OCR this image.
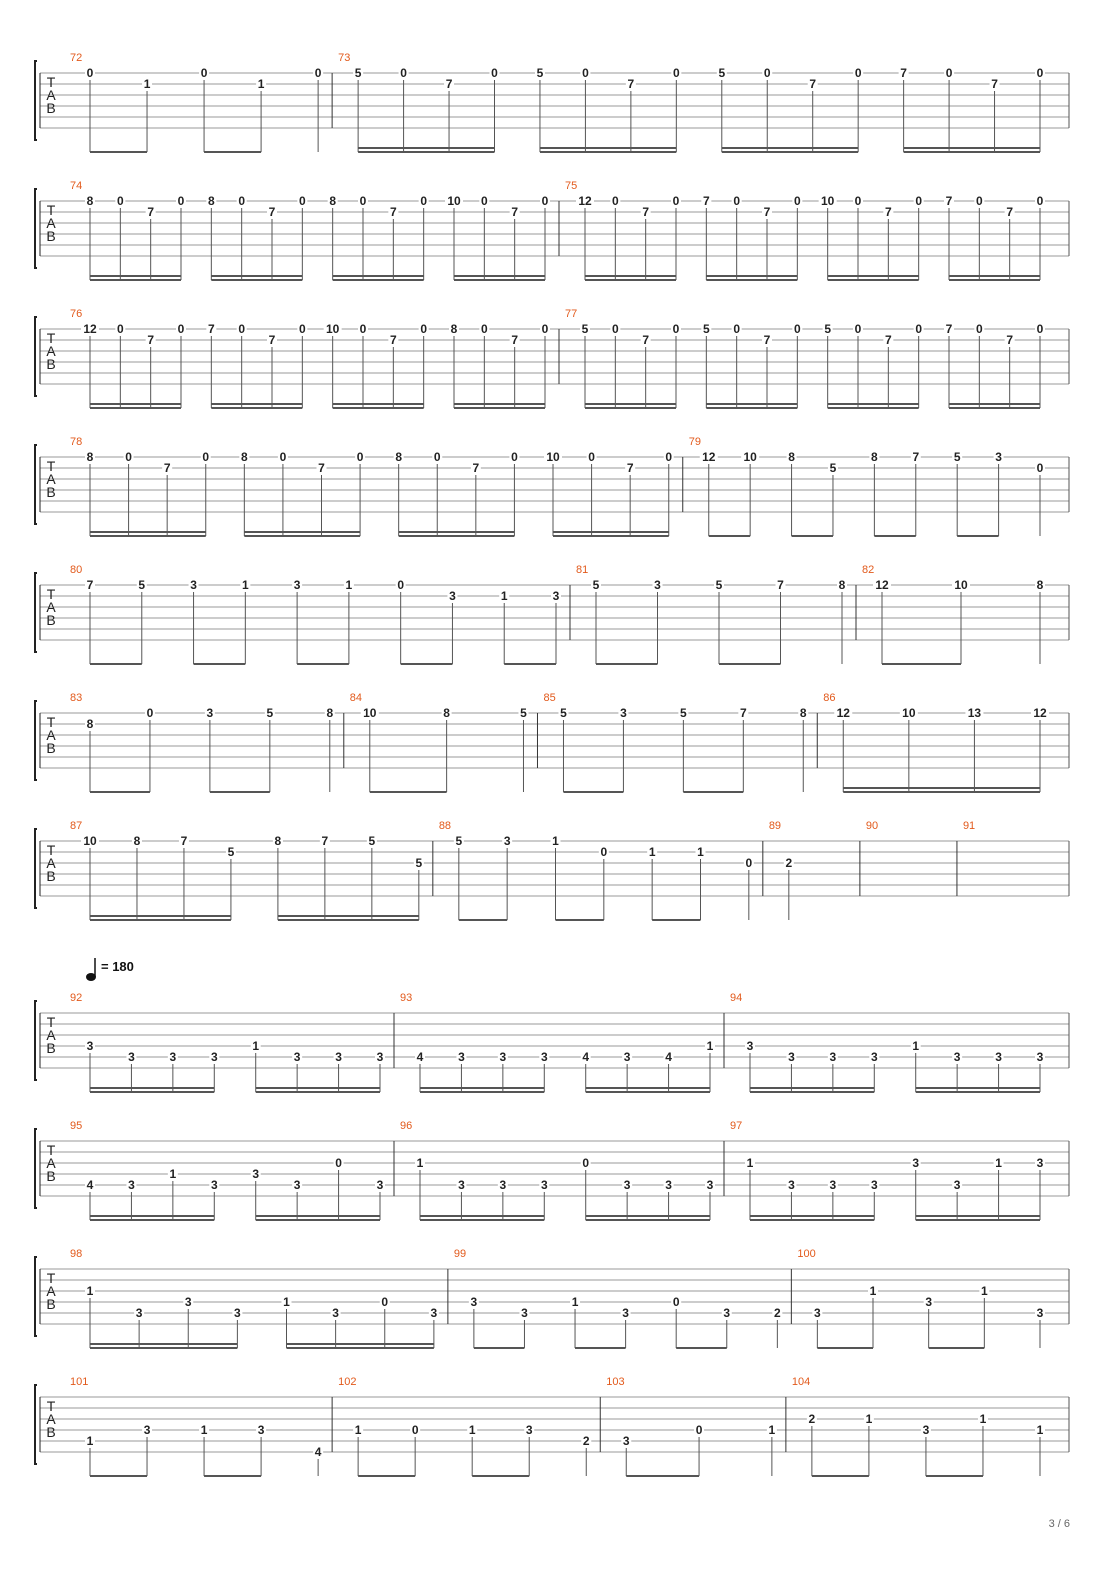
T
A
B
72
0
1
0
1
0
73
5	0
7
0	5	0
7
0	5	0
7
0	7	0
7
0
T
A
B
74
8 0
7
0 8 0
7
0 8 0
7
0 10 0
7
0
75
12 0
7
0 7 0
7
0 10 0
7
0 7 0
7
0
T
A
B
76
12 0
7
0 7 0
7
0 10 0
7
0 8 0
7
0
77
5 0
7
0 5 0
7
0 5 0
7
0 7 0
7
0
T
A
B
78
8	0
7
0	8	0
7
0	8	0
7
0 10 0
7
0
79
12 10	8
5
8	7	5	3
0
T
A
B
80
7	5	3	1	3	1	0
3	1	3
81
5	3	5	7	8
82
12	10	8
T
A
B
83
8
0	3	5	8
84
10	8	5
85
5	3	5	7	8
86
12	10	13	12
T
A
B
87
10	8	7
5
8	7	5
5
88
5	3	1
0	1	1
0
89
2
90	91
T
A
B
= 180
92
3
3	3	3
1
3	3	3
93
4	3	3	3	4	3	4
1
94
3
3	3	3
1
3	3	3
T
A
B
95
4	3
1
3
3
3
0
3
96
1
3	3	3
0
3	3	3
97
1
3	3	3
3
3
1	3
T
A
B
98
1
3
3
3
1
3
0
3
99
3
3
1
3
0
3	2
100
3
1
3
1
3
T
A
B
101
1
3	1	3
4
102
1	0	1	3
2
103
3
0	1
104
2	1
3
1
1
3 / 6
